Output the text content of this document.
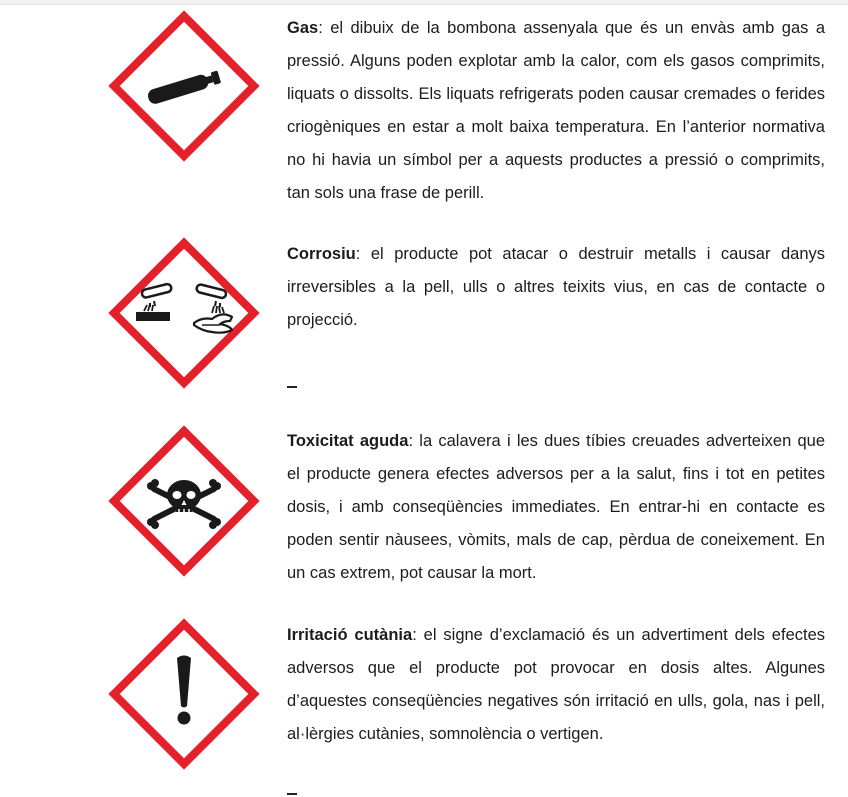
Gas: el dibuix de la bombona assenyala que és un envàs amb gas a pressió. Alguns poden explotar amb la calor, com els gasos comprimits, liquats o dissolts. Els liquats refrigerats poden causar cremades o ferides criogèniques en estar a molt baixa temperatura. En l’anterior normativa no hi havia un símbol per a aquests productes a pressió o comprimits, tan sols una frase de perill.

Corrosiu: el producte pot atacar o destruir metalls i causar danys irreversibles a la pell, ulls o altres teixits vius, en cas de contacte o projecció.

Toxicitat aguda: la calavera i les dues tíbies creuades adverteixen que el producte genera efectes adversos per a la salut, fins i tot en petites dosis, i amb conseqüències immediates. En entrar-hi en contacte es poden sentir nàusees, vòmits, mals de cap, pèrdua de coneixement. En un cas extrem, pot causar la mort.

Irritació cutània: el signe d’exclamació és un advertiment dels efectes adversos que el producte pot provocar en dosis altes. Algunes d’aquestes conseqüències negatives són irritació en ulls, gola, nas i pell, al·lèrgies cutànies, somnolència o vertigen.
